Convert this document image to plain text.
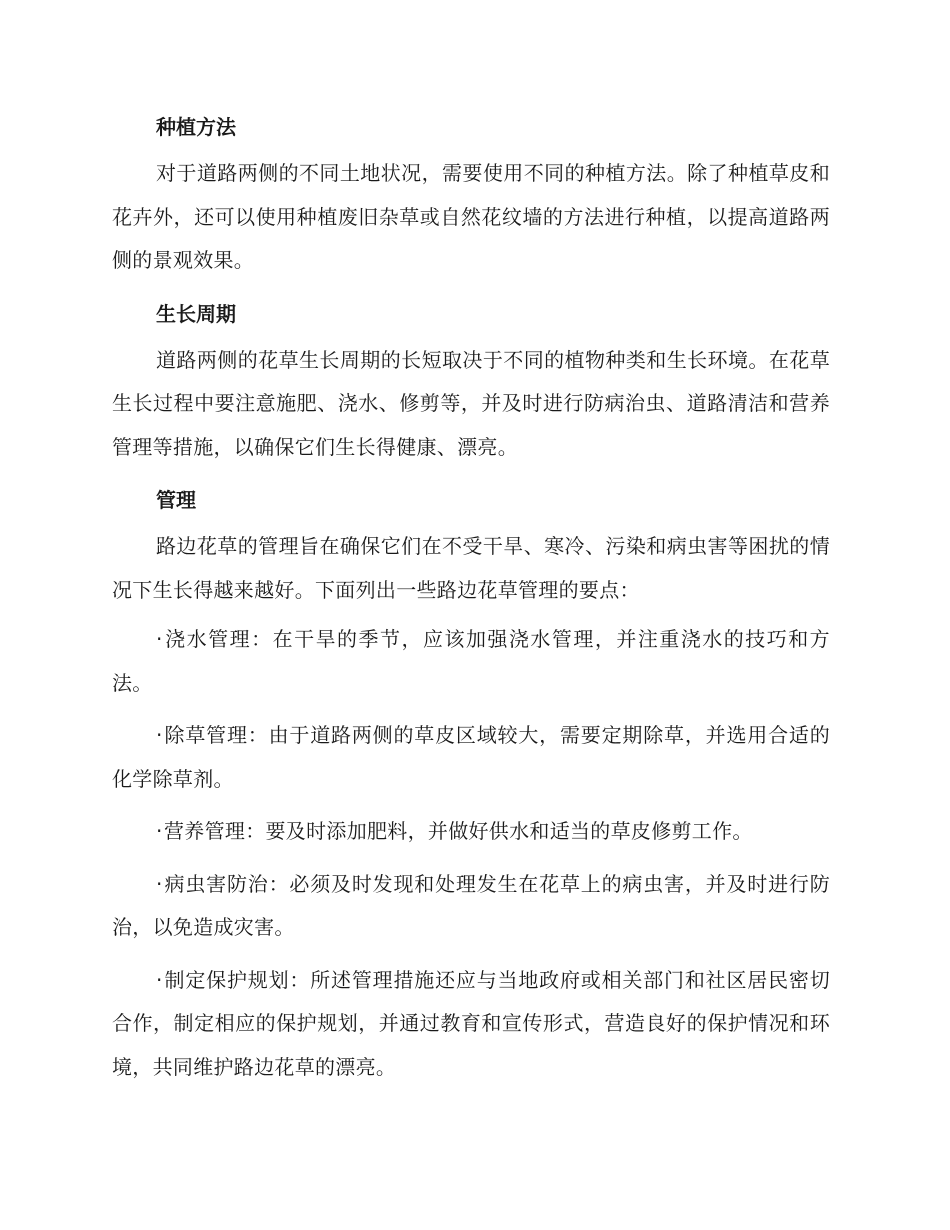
种植方法

对于道路两侧的不同土地状况，需要使用不同的种植方法。除了种植草皮和花卉外，还可以使用种植废旧杂草或自然花纹墙的方法进行种植，以提高道路两侧的景观效果。

生长周期

道路两侧的花草生长周期的长短取决于不同的植物种类和生长环境。在花草生长过程中要注意施肥、浇水、修剪等，并及时进行防病治虫、道路清洁和营养管理等措施，以确保它们生长得健康、漂亮。

管理

路边花草的管理旨在确保它们在不受干旱、寒冷、污染和病虫害等困扰的情况下生长得越来越好。下面列出一些路边花草管理的要点：

·浇水管理：在干旱的季节，应该加强浇水管理，并注重浇水的技巧和方法。
·除草管理：由于道路两侧的草皮区域较大，需要定期除草，并选用合适的化学除草剂。
·营养管理：要及时添加肥料，并做好供水和适当的草皮修剪工作。
·病虫害防治：必须及时发现和处理发生在花草上的病虫害，并及时进行防治，以免造成灾害。
·制定保护规划：所述管理措施还应与当地政府或相关部门和社区居民密切合作，制定相应的保护规划，并通过教育和宣传形式，营造良好的保护情况和环境，共同维护路边花草的漂亮。
